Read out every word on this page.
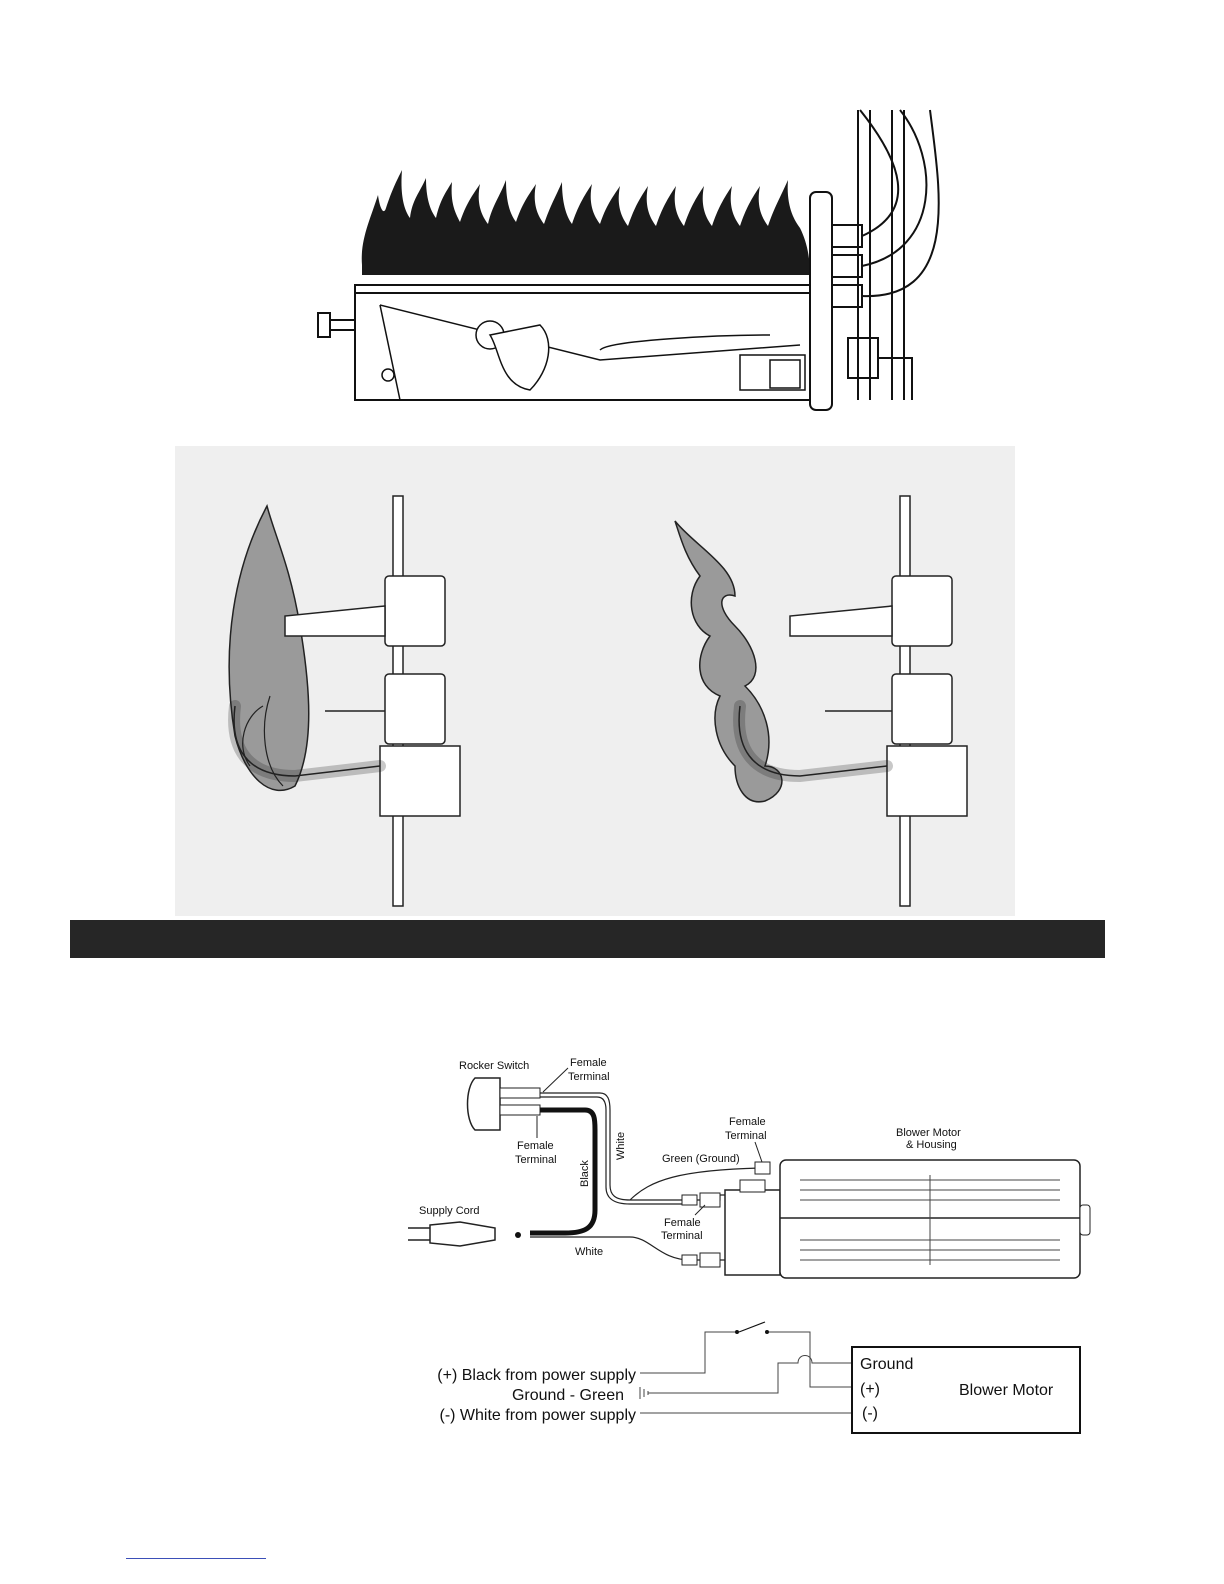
Rocker Switch	Female
Terminal
Female
Terminal	White
Black
Green (Ground)
Female
Terminal	Blower Motor
& Housing
Supply Cord
Female
Terminal
White
(+) Black from power supply
Ground - Green
(-) White from power supply
Ground
(+)
(-)
Blower Motor
